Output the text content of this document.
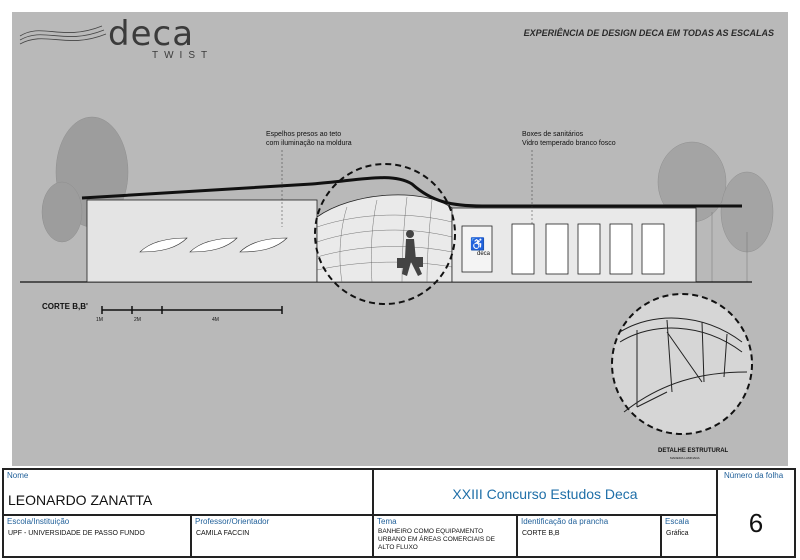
♿
deca
TWIST
EXPERIÊNCIA DE DESIGN DECA EM TODAS AS ESCALAS
Espelhos presos ao teto
com iluminação na moldura
Boxes de sanitários
Vidro temperado branco fosco
deca
CORTE B,B'
1M	2M	4M
DETALHE ESTRUTURAL
MADEIRA LAMINADA
Nome
LEONARDO ZANATTA	XXIII Concurso Estudos Deca
Número da folha
6
Escola/Instituição
UPF - UNIVERSIDADE DE PASSO FUNDO
Professor/Orientador
CAMILA FACCIN
Tema
BANHEIRO COMO EQUIPAMENTO URBANO EM ÁREAS COMERCIAIS DE ALTO FLUXO
Identificação da prancha
CORTE B,B
Escala
Gráfica
